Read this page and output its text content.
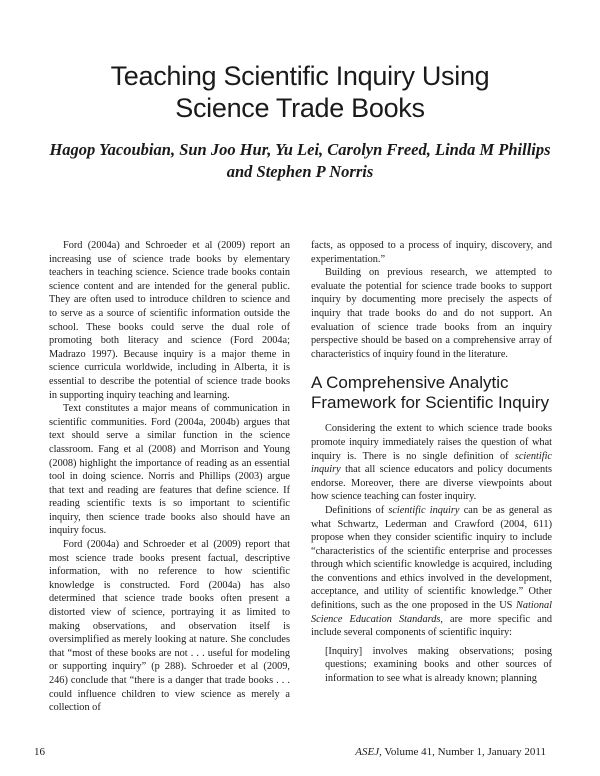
Teaching Scientific Inquiry Using
Science Trade Books
Hagop Yacoubian, Sun Joo Hur, Yu Lei, Carolyn Freed, Linda M Phillips
and Stephen P Norris

Ford (2004a) and Schroeder et al (2009) report an increasing use of science trade books by elementary teachers in teaching science. Science trade books contain science content and are intended for the general public. They are often used to introduce children to science and to serve as a source of scientific information outside the school. These books could serve the dual role of promoting both literacy and science (Ford 2004a; Madrazo 1997). Because inquiry is a major theme in science curricula worldwide, including in Alberta, it is essential to describe the potential of science trade books in supporting inquiry teaching and learning.

Text constitutes a major means of communication in scientific communities. Ford (2004a, 2004b) argues that text should serve a similar function in the science classroom. Fang et al (2008) and Morrison and Young (2008) highlight the importance of reading as an essential tool in doing science. Norris and Phillips (2003) argue that text and reading are features that define science. If reading scientific texts is so important to scientific inquiry, then science trade books also should have an inquiry focus.

Ford (2004a) and Schroeder et al (2009) report that most science trade books present factual, descriptive information, with no reference to how scientific knowledge is constructed. Ford (2004a) has also determined that science trade books often present a distorted view of science, portraying it as limited to making observations, and observation itself is oversimplified as merely looking at nature. She concludes that “most of these books are not . . . useful for modeling or supporting inquiry” (p 288). Schroeder et al (2009, 246) conclude that “there is a danger that trade books . . . could influence children to view science as merely a collection of

facts, as opposed to a process of inquiry, discovery, and experimentation.”

Building on previous research, we attempted to evaluate the potential for science trade books to support inquiry by documenting more precisely the aspects of inquiry that trade books do and do not support. An evaluation of science trade books from an inquiry perspective should be based on a comprehensive array of characteristics of inquiry found in the literature.

A Comprehensive Analytic Framework for Scientific Inquiry

Considering the extent to which science trade books promote inquiry immediately raises the question of what inquiry is. There is no single definition of scientific inquiry that all science educators and policy documents endorse. Moreover, there are diverse viewpoints about how science teaching can foster inquiry.

Definitions of scientific inquiry can be as general as what Schwartz, Lederman and Crawford (2004, 611) propose when they consider scientific inquiry to include “characteristics of the scientific enterprise and processes through which scientific knowledge is acquired, including the conventions and ethics involved in the development, acceptance, and utility of scientific knowledge.” Other definitions, such as the one proposed in the US National Science Education Standards, are more specific and include several components of scientific inquiry:

[Inquiry] involves making observations; posing questions; examining books and other sources of information to see what is already known; planning
16	ASEJ, Volume 41, Number 1, January 2011
